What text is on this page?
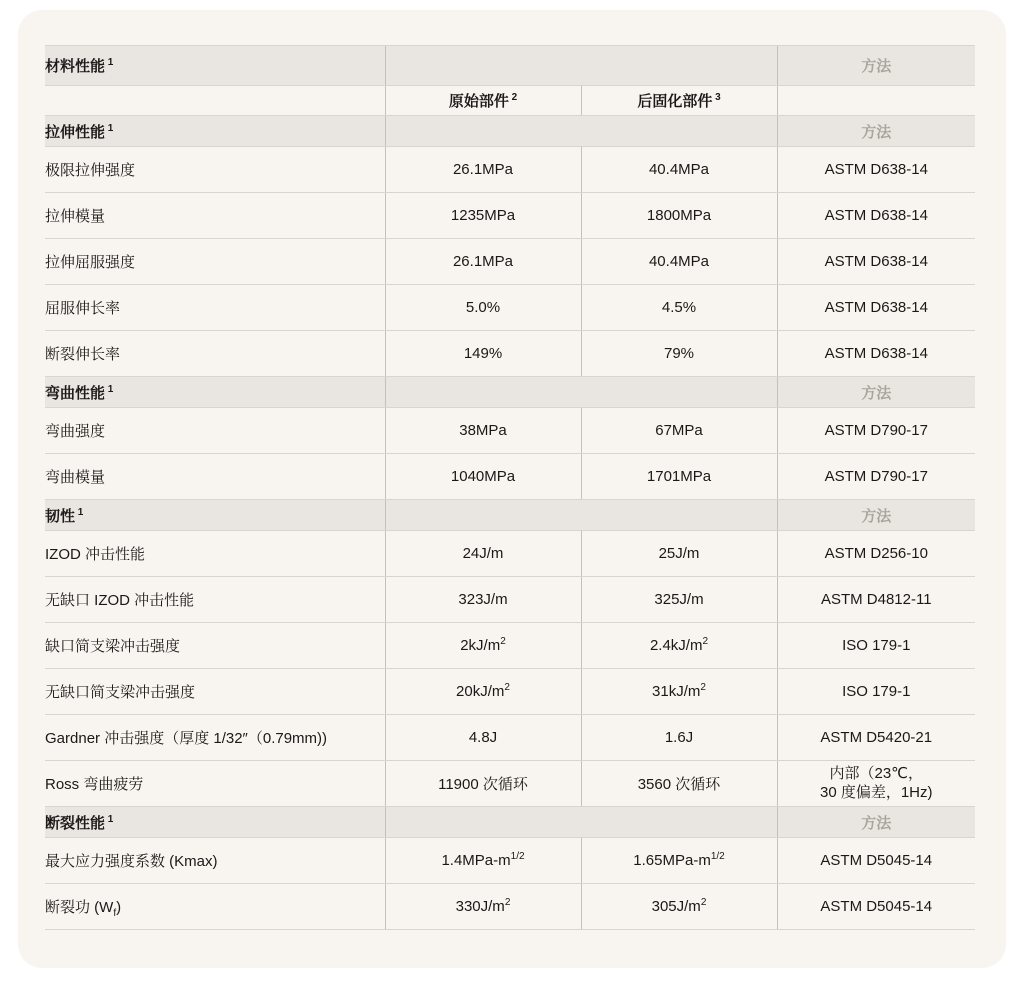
材料性能 $^1$			方法
	原始部件 $^2$	后固化部件 $^3$	
拉伸性能 $^1$			方法
极限拉伸强度	26.1MPa	40.4MPa	ASTM D638-14
拉伸模量	1235MPa	1800MPa	ASTM D638-14
拉伸屈服强度	26.1MPa	40.4MPa	ASTM D638-14
屈服伸长率	5.0%	4.5%	ASTM D638-14
断裂伸长率	149%	79%	ASTM D638-14
弯曲性能 $^1$			方法
弯曲强度	38MPa	67MPa	ASTM D790-17
弯曲模量	1040MPa	1701MPa	ASTM D790-17
韧性 $^1$			方法
IZOD 冲击性能	24J/m	25J/m	ASTM D256-10
无缺口 IZOD 冲击性能	323J/m	325J/m	ASTM D4812-11
缺口简支梁冲击强度	$2kJ/m^2$	$2.4kJ/m^2$	ISO 179-1
无缺口简支梁冲击强度	$20kJ/m^2$	$31kJ/m^2$	ISO 179-1
Gardner 冲击强度（厚度 1/32″（0.79mm))	4.8J	1.6J	ASTM D5420-21
Ross 弯曲疲劳	11900 次循环	3560 次循环	内部（23℃，
30 度偏差，1Hz)
断裂性能 $^1$			方法
最大应力强度系数 (Kmax)	$1.4MPa-m^{1/2}$	$1.65MPa-m^{1/2}$	ASTM D5045-14
断裂功 $(W_f)$	$330J/m^2$	$305J/m^2$	ASTM D5045-14
